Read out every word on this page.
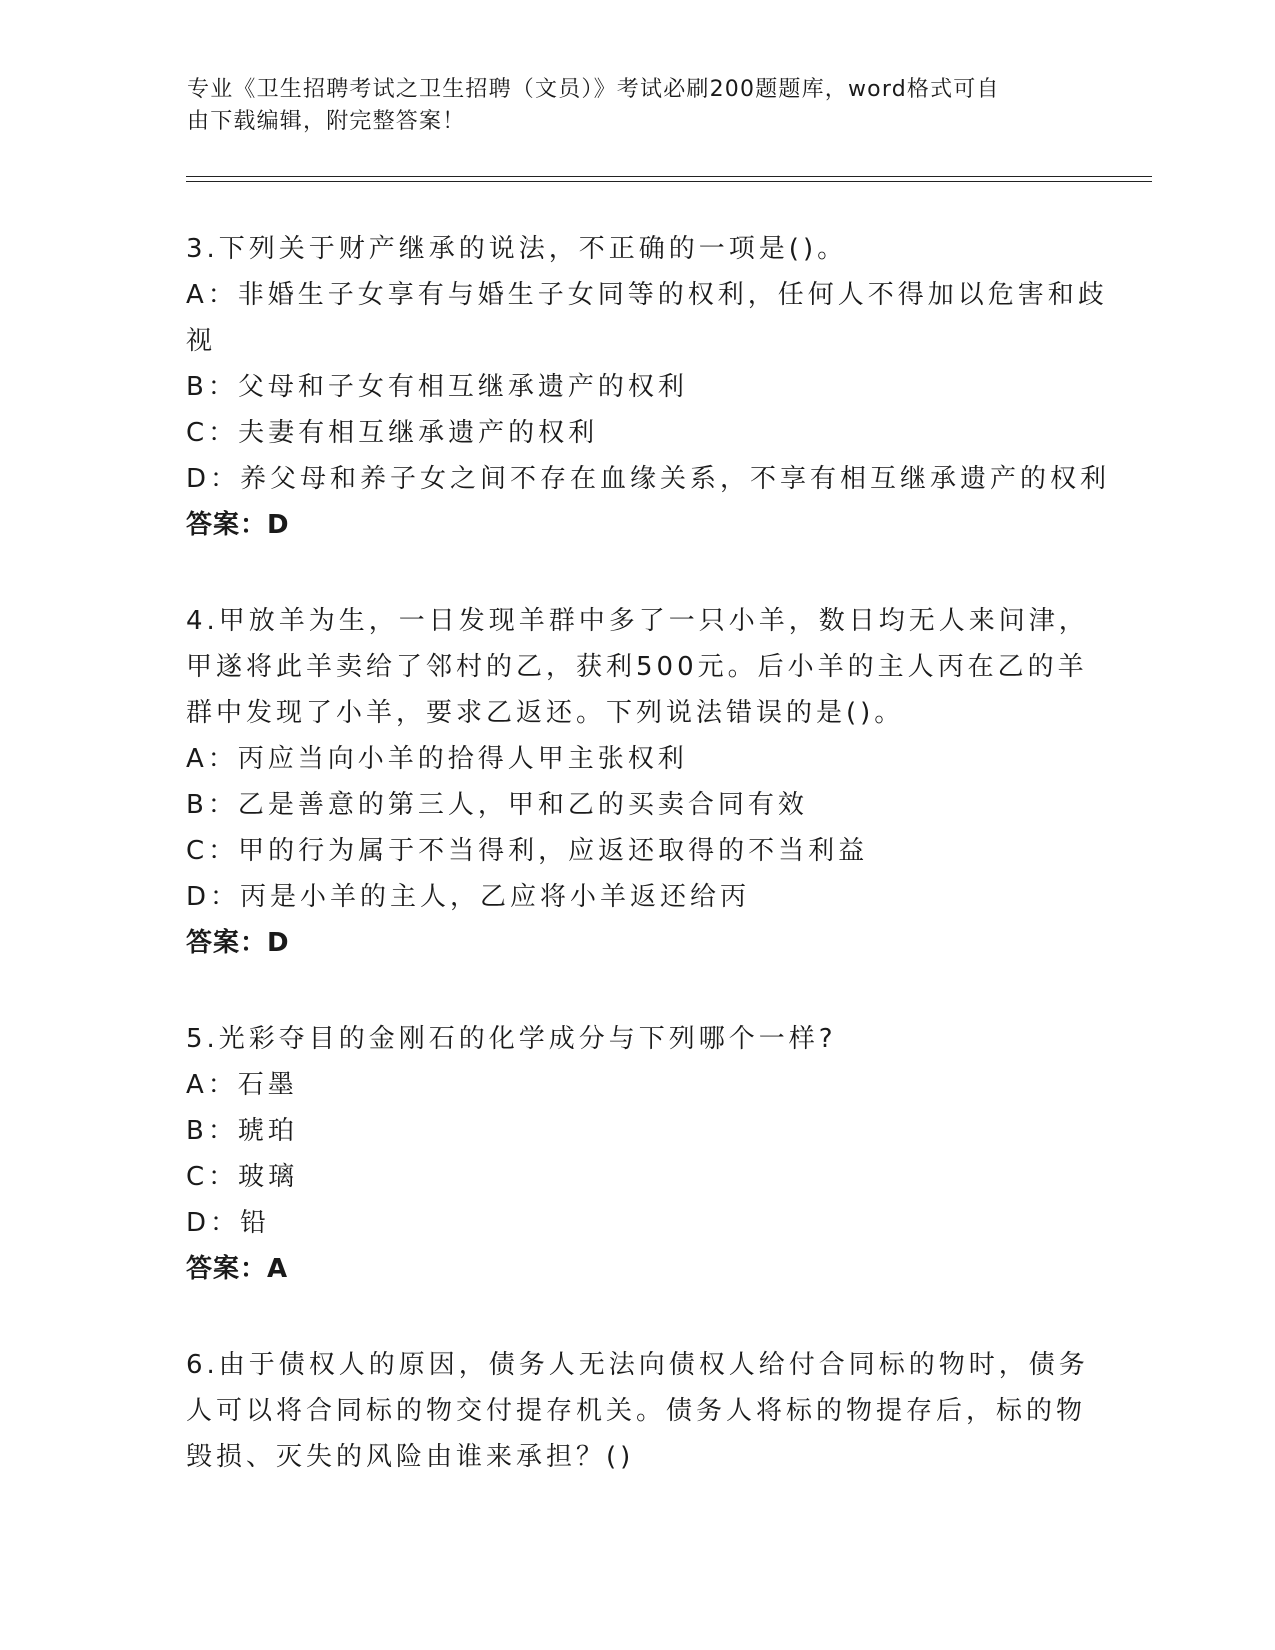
专业《卫生招聘考试之卫生招聘（文员）》考试必刷200题题库，word格式可自
由下载编辑，附完整答案！
3.下列关于财产继承的说法，不正确的一项是()。
A：非婚生子女享有与婚生子女同等的权利，任何人不得加以危害和歧
视
B：父母和子女有相互继承遗产的权利
C：夫妻有相互继承遗产的权利
D：养父母和养子女之间不存在血缘关系，不享有相互继承遗产的权利
答案：D
4.甲放羊为生，一日发现羊群中多了一只小羊，数日均无人来问津，
甲遂将此羊卖给了邻村的乙，获利500元。后小羊的主人丙在乙的羊
群中发现了小羊，要求乙返还。下列说法错误的是()。
A：丙应当向小羊的拾得人甲主张权利
B：乙是善意的第三人，甲和乙的买卖合同有效
C：甲的行为属于不当得利，应返还取得的不当利益
D：丙是小羊的主人，乙应将小羊返还给丙
答案：D
5.光彩夺目的金刚石的化学成分与下列哪个一样?
A：石墨
B：琥珀
C：玻璃
D：铅
答案：A
6.由于债权人的原因，债务人无法向债权人给付合同标的物时，债务
人可以将合同标的物交付提存机关。债务人将标的物提存后，标的物
毁损、灭失的风险由谁来承担？()
